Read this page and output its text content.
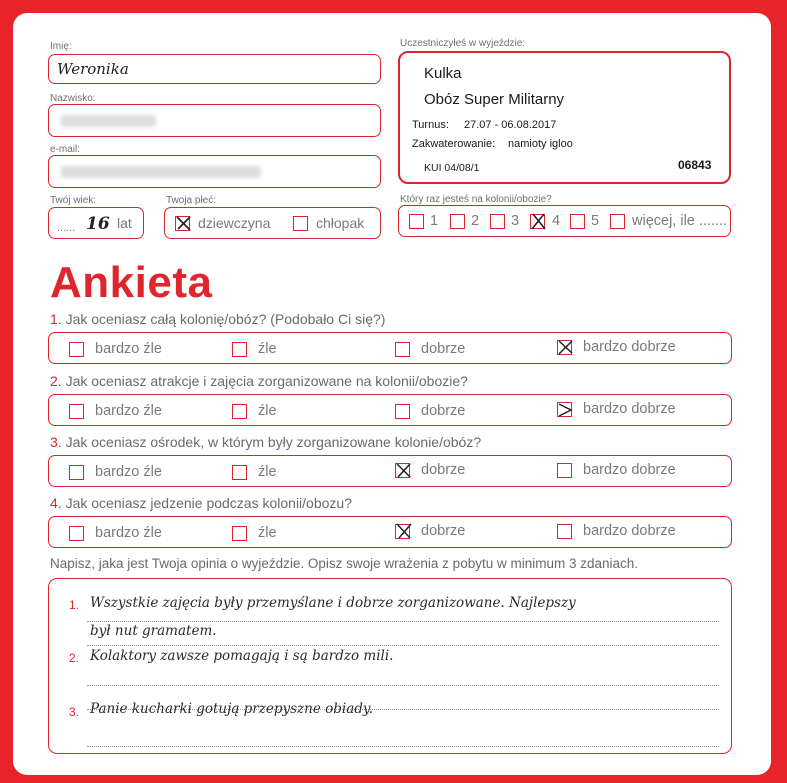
Imię:
Weronika
Nazwisko:
e-mail:
Twój wiek:
...... 16 lat
Twoja płeć:
dziewczyna	chłopak
Uczestniczyłeś w wyjeździe:
Kulka
Obóz Super Militarny
Turnus: 27.07 - 06.08.2017
Zakwaterowanie: namioty igloo
KUI 04/08/1	06843
Który raz jesteś na kolonii/obozie?
1 2 3 4 5 więcej, ile .......
Ankieta
1. Jak oceniasz całą kolonię/obóz? (Podobało Ci się?)
bardzo źle	źle	dobrze	bardzo dobrze
2. Jak oceniasz atrakcje i zajęcia zorganizowane na kolonii/obozie?
bardzo źle	źle	dobrze	bardzo dobrze
3. Jak oceniasz ośrodek, w którym były zorganizowane kolonie/obóz?
bardzo źle	źle	dobrze	bardzo dobrze
4. Jak oceniasz jedzenie podczas kolonii/obozu?
bardzo źle	źle	dobrze	bardzo dobrze
Napisz, jaka jest Twoja opinia o wyjeździe. Opisz swoje wrażenia z pobytu w minimum 3 zdaniach.
1. Wszystkie zajęcia były przemyślane i dobrze zorganizowane. Najlepszy
był nut gramatem.
2. Kolaktory zawsze pomagają i są bardzo mili.
3. Panie kucharki gotują przepyszne obiady.
